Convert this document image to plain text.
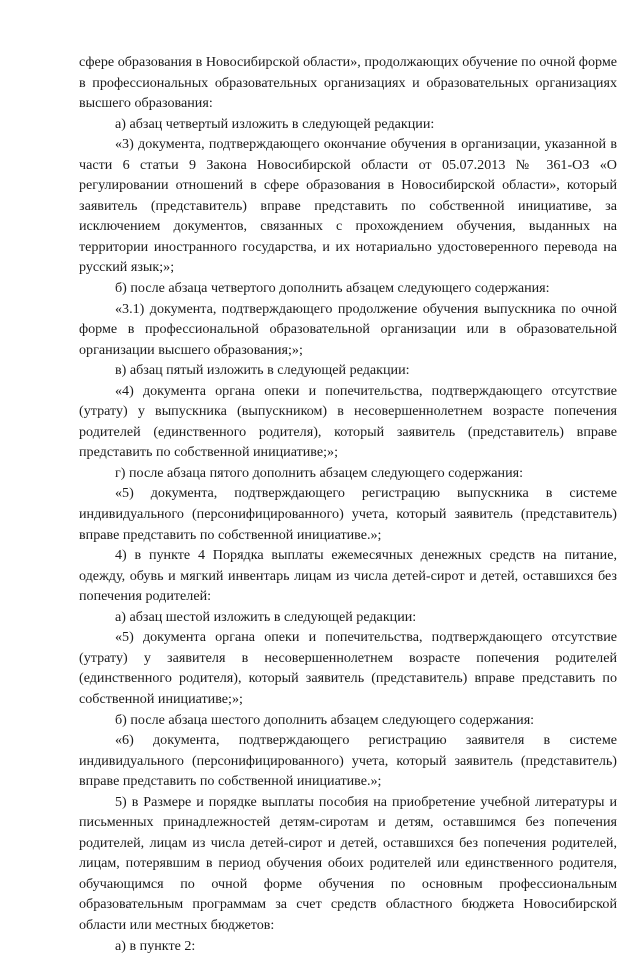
сфере образования в Новосибирской области», продолжающих обучение по очной форме в профессиональных образовательных организациях и образовательных организациях высшего образования:

а) абзац четвертый изложить в следующей редакции:

«3) документа, подтверждающего окончание обучения в организации, указанной в части 6 статьи 9 Закона Новосибирской области от 05.07.2013 № 361-ОЗ «О регулировании отношений в сфере образования в Новосибирской области», который заявитель (представитель) вправе представить по собственной инициативе, за исключением документов, связанных с прохождением обучения, выданных на территории иностранного государства, и их нотариально удостоверенного перевода на русский язык;»;

б) после абзаца четвертого дополнить абзацем следующего содержания:

«3.1) документа, подтверждающего продолжение обучения выпускника по очной форме в профессиональной образовательной организации или в образовательной организации высшего образования;»;

в) абзац пятый изложить в следующей редакции:

«4) документа органа опеки и попечительства, подтверждающего отсутствие (утрату) у выпускника (выпускником) в несовершеннолетнем возрасте попечения родителей (единственного родителя), который заявитель (представитель) вправе представить по собственной инициативе;»;

г) после абзаца пятого дополнить абзацем следующего содержания:

«5) документа, подтверждающего регистрацию выпускника в системе индивидуального (персонифицированного) учета, который заявитель (представитель) вправе представить по собственной инициативе.»;

4) в пункте 4 Порядка выплаты ежемесячных денежных средств на питание, одежду, обувь и мягкий инвентарь лицам из числа детей-сирот и детей, оставшихся без попечения родителей:

а) абзац шестой изложить в следующей редакции:

«5) документа органа опеки и попечительства, подтверждающего отсутствие (утрату) у заявителя в несовершеннолетнем возрасте попечения родителей (единственного родителя), который заявитель (представитель) вправе представить по собственной инициативе;»;

б) после абзаца шестого дополнить абзацем следующего содержания:

«6) документа, подтверждающего регистрацию заявителя в системе индивидуального (персонифицированного) учета, который заявитель (представитель) вправе представить по собственной инициативе.»;

5) в Размере и порядке выплаты пособия на приобретение учебной литературы и письменных принадлежностей детям-сиротам и детям, оставшимся без попечения родителей, лицам из числа детей-сирот и детей, оставшихся без попечения родителей, лицам, потерявшим в период обучения обоих родителей или единственного родителя, обучающимся по очной форме обучения по основным профессиональным образовательным программам за счет средств областного бюджета Новосибирской области или местных бюджетов:

а) в пункте 2:
